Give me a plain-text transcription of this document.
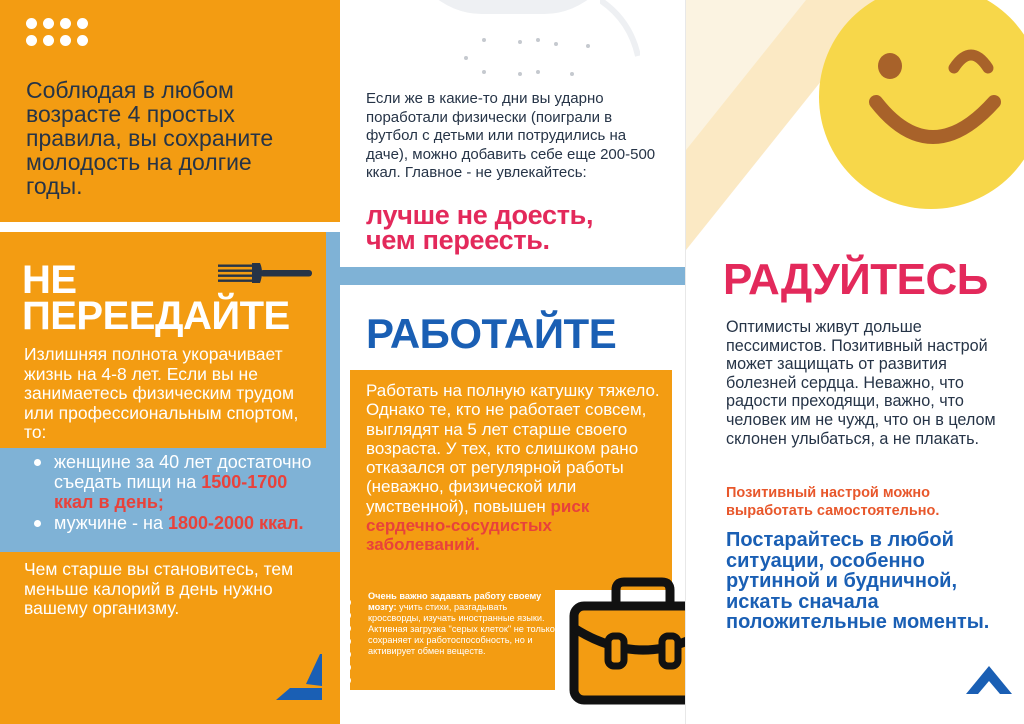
Соблюдая в любом возрасте 4 простых правила, вы сохраните молодость на долгие годы.

НЕ
ПЕРЕЕДАЙТЕ

Излишняя полнота укорачивает жизнь на 4-8 лет. Если вы не занимаетесь физическим трудом или профессиональным спортом, то:

женщине за 40 лет достаточно съедать пищи на 1500-1700 ккал в день;
мужчине - на 1800-2000 ккал.

Чем старше вы становитесь, тем меньше калорий в день нужно вашему организму.

Если же в какие-то дни вы ударно поработали физически (поиграли в футбол с детьми или потрудились на даче), можно добавить себе еще 200-500 ккал. Главное - не увлекайтесь:

лучше не доесть,
чем переесть.

РАБОТАЙТЕ

Работать на полную катушку тяжело. Однако те, кто не работает совсем, выглядят на 5 лет старше своего возраста. У тех, кто слишком рано отказался от регулярной работы (неважно, физической или умственной), повышен риск сердечно-сосудистых заболеваний.

Очень важно задавать работу своему мозгу: учить стихи, разгадывать кроссворды, изучать иностранные языки. Активная загрузка "серых клеток" не только сохраняет их работоспособность, но и активирует обмен веществ.

РАДУЙТЕСЬ

Оптимисты живут дольше пессимистов. Позитивный настрой может защищать от развития болезней сердца. Неважно, что радости преходящи, важно, что человек им не чужд, что он в целом склонен улыбаться, а не плакать.

Позитивный настрой можно выработать самостоятельно.

Постарайтесь в любой ситуации, особенно рутинной и будничной, искать сначала положительные моменты.
